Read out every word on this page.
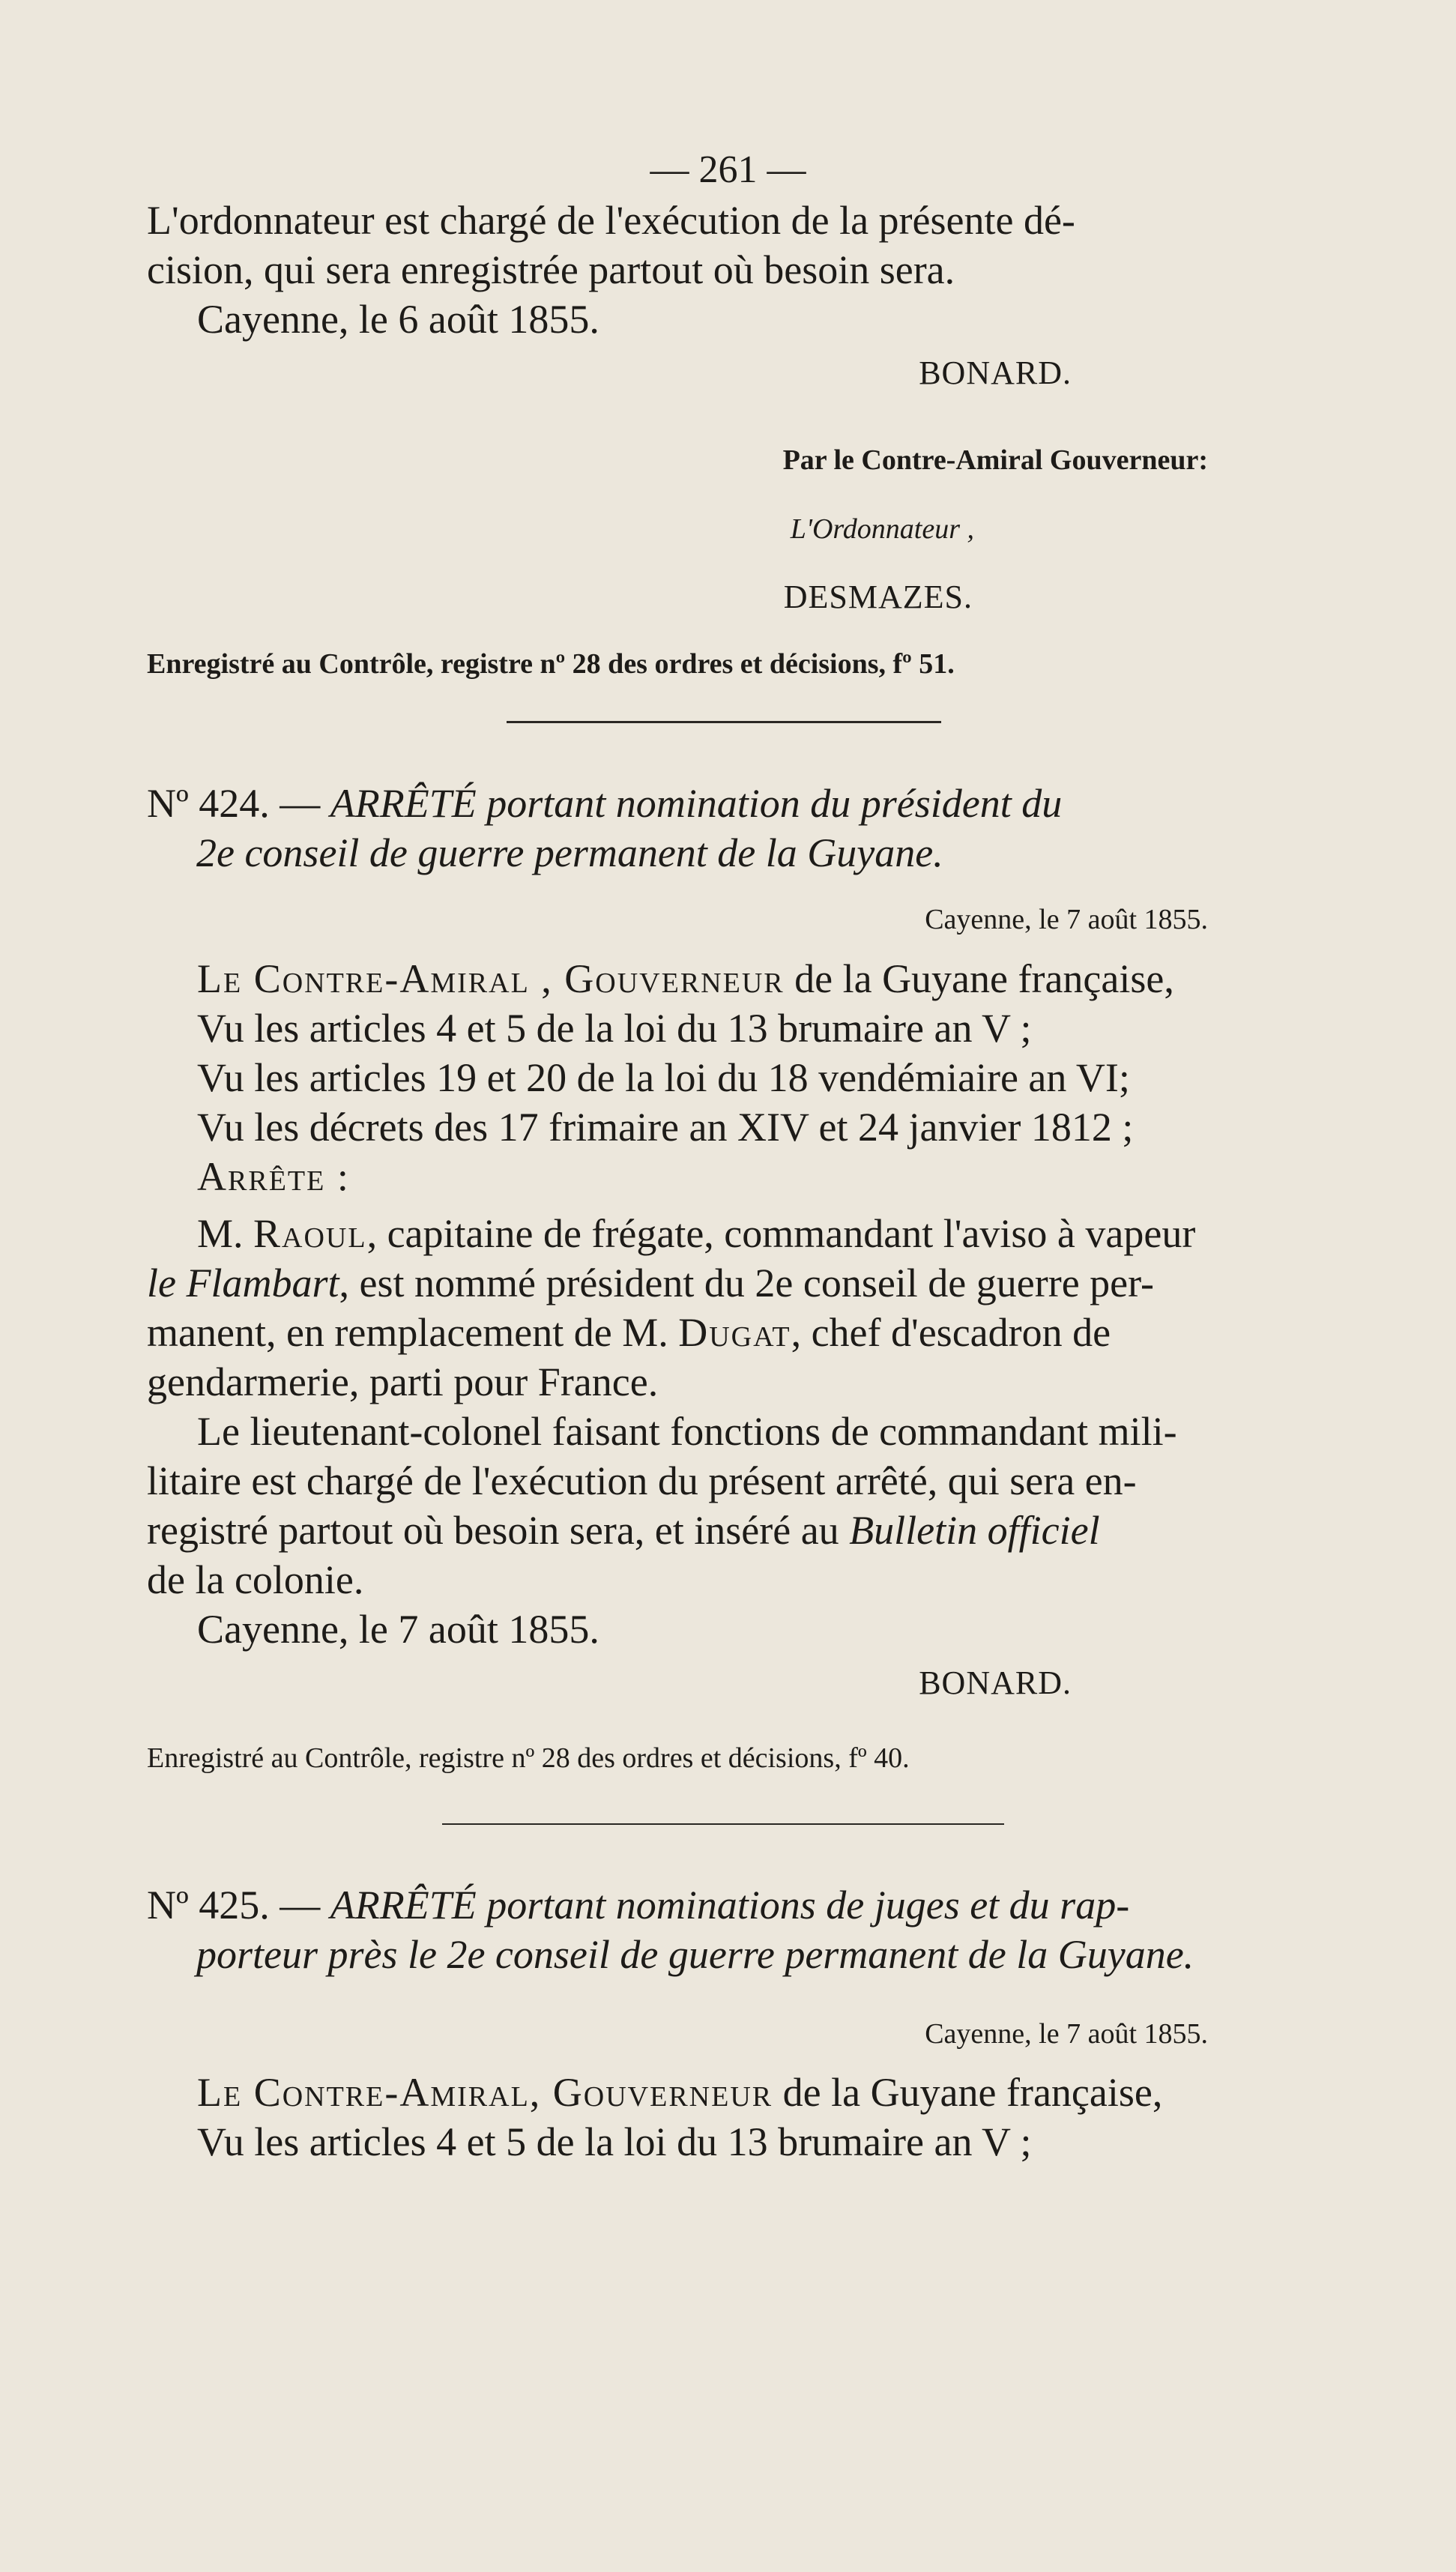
— 261 —

L'ordonnateur est chargé de l'exécution de la présente dé-

cision, qui sera enregistrée partout où besoin sera.

Cayenne, le 6 août 1855.

BONARD.

Par le Contre-Amiral Gouverneur:

L'Ordonnateur ,

DESMAZES.

Enregistré au Contrôle, registre nº 28 des ordres et décisions, fº 51.

Nº 424. — ARRÊTÉ portant nomination du président du

2e conseil de guerre permanent de la Guyane.

Cayenne, le 7 août 1855.

Le Contre-Amiral , Gouverneur de la Guyane française,

Vu les articles 4 et 5 de la loi du 13 brumaire an V ;

Vu les articles 19 et 20 de la loi du 18 vendémiaire an VI;

Vu les décrets des 17 frimaire an XIV et 24 janvier 1812 ;

Arrête :

M. Raoul, capitaine de frégate, commandant l'aviso à vapeur

le Flambart, est nommé président du 2e conseil de guerre per-

manent, en remplacement de M. Dugat, chef d'escadron de

gendarmerie, parti pour France.

Le lieutenant-colonel faisant fonctions de commandant mili-

litaire est chargé de l'exécution du présent arrêté, qui sera en-

registré partout où besoin sera, et inséré au Bulletin officiel

de la colonie.

Cayenne, le 7 août 1855.

BONARD.

Enregistré au Contrôle, registre nº 28 des ordres et décisions, fº 40.

Nº 425. — ARRÊTÉ portant nominations de juges et du rap-

porteur près le 2e conseil de guerre permanent de la Guyane.

Cayenne, le 7 août 1855.

Le Contre-Amiral, Gouverneur de la Guyane française,

Vu les articles 4 et 5 de la loi du 13 brumaire an V ;
